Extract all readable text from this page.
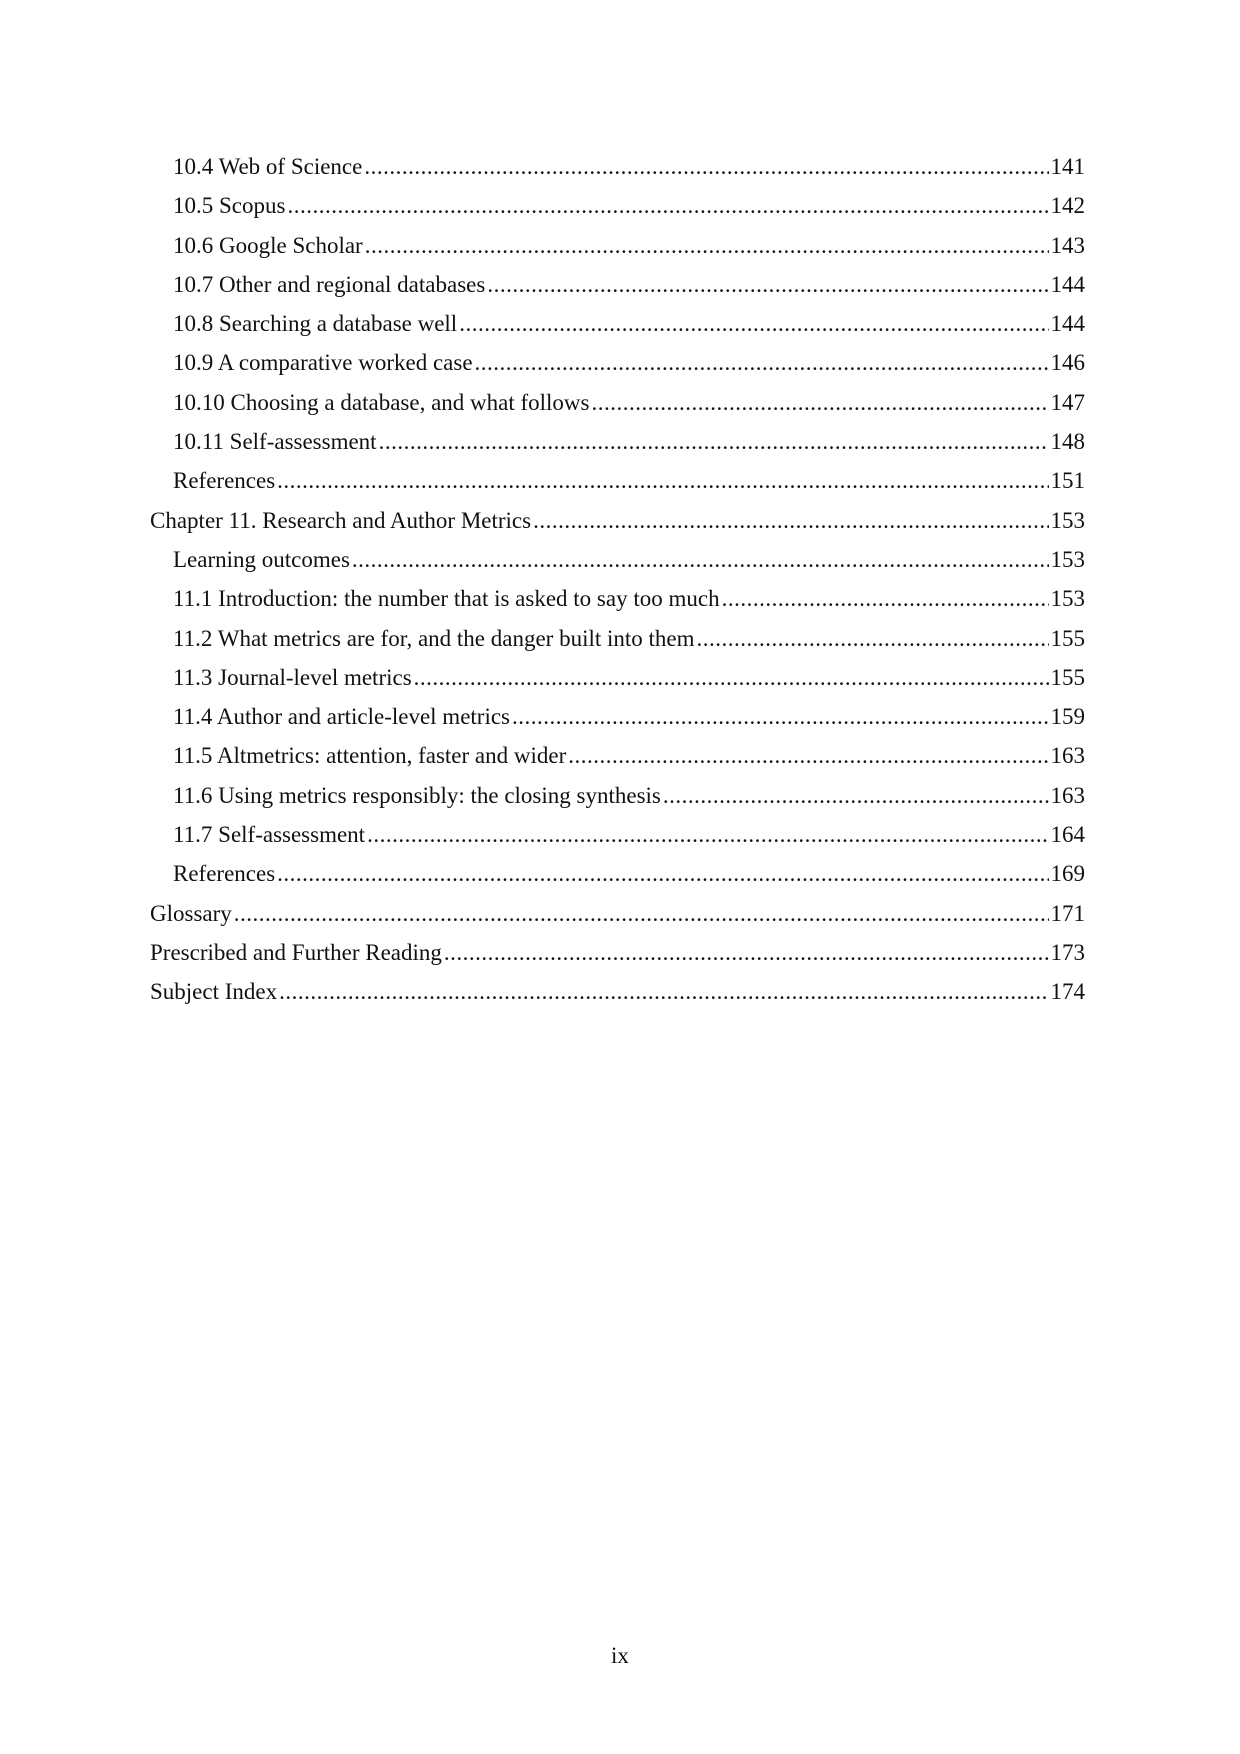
10.4 Web of Science .....	141
10.5 Scopus .....	142
10.6 Google Scholar .....	143
10.7 Other and regional databases .....	144
10.8 Searching a database well .....	144
10.9 A comparative worked case .....	146
10.10 Choosing a database, and what follows .....	147
10.11 Self-assessment .....	148
References .....	151
Chapter 11. Research and Author Metrics .....	153
Learning outcomes .....	153
11.1 Introduction: the number that is asked to say too much .....	153
11.2 What metrics are for, and the danger built into them .....	155
11.3 Journal-level metrics .....	155
11.4 Author and article-level metrics .....	159
11.5 Altmetrics: attention, faster and wider .....	163
11.6 Using metrics responsibly: the closing synthesis .....	163
11.7 Self-assessment .....	164
References .....	169
Glossary .....	171
Prescribed and Further Reading .....	173
Subject Index .....	174
ix
